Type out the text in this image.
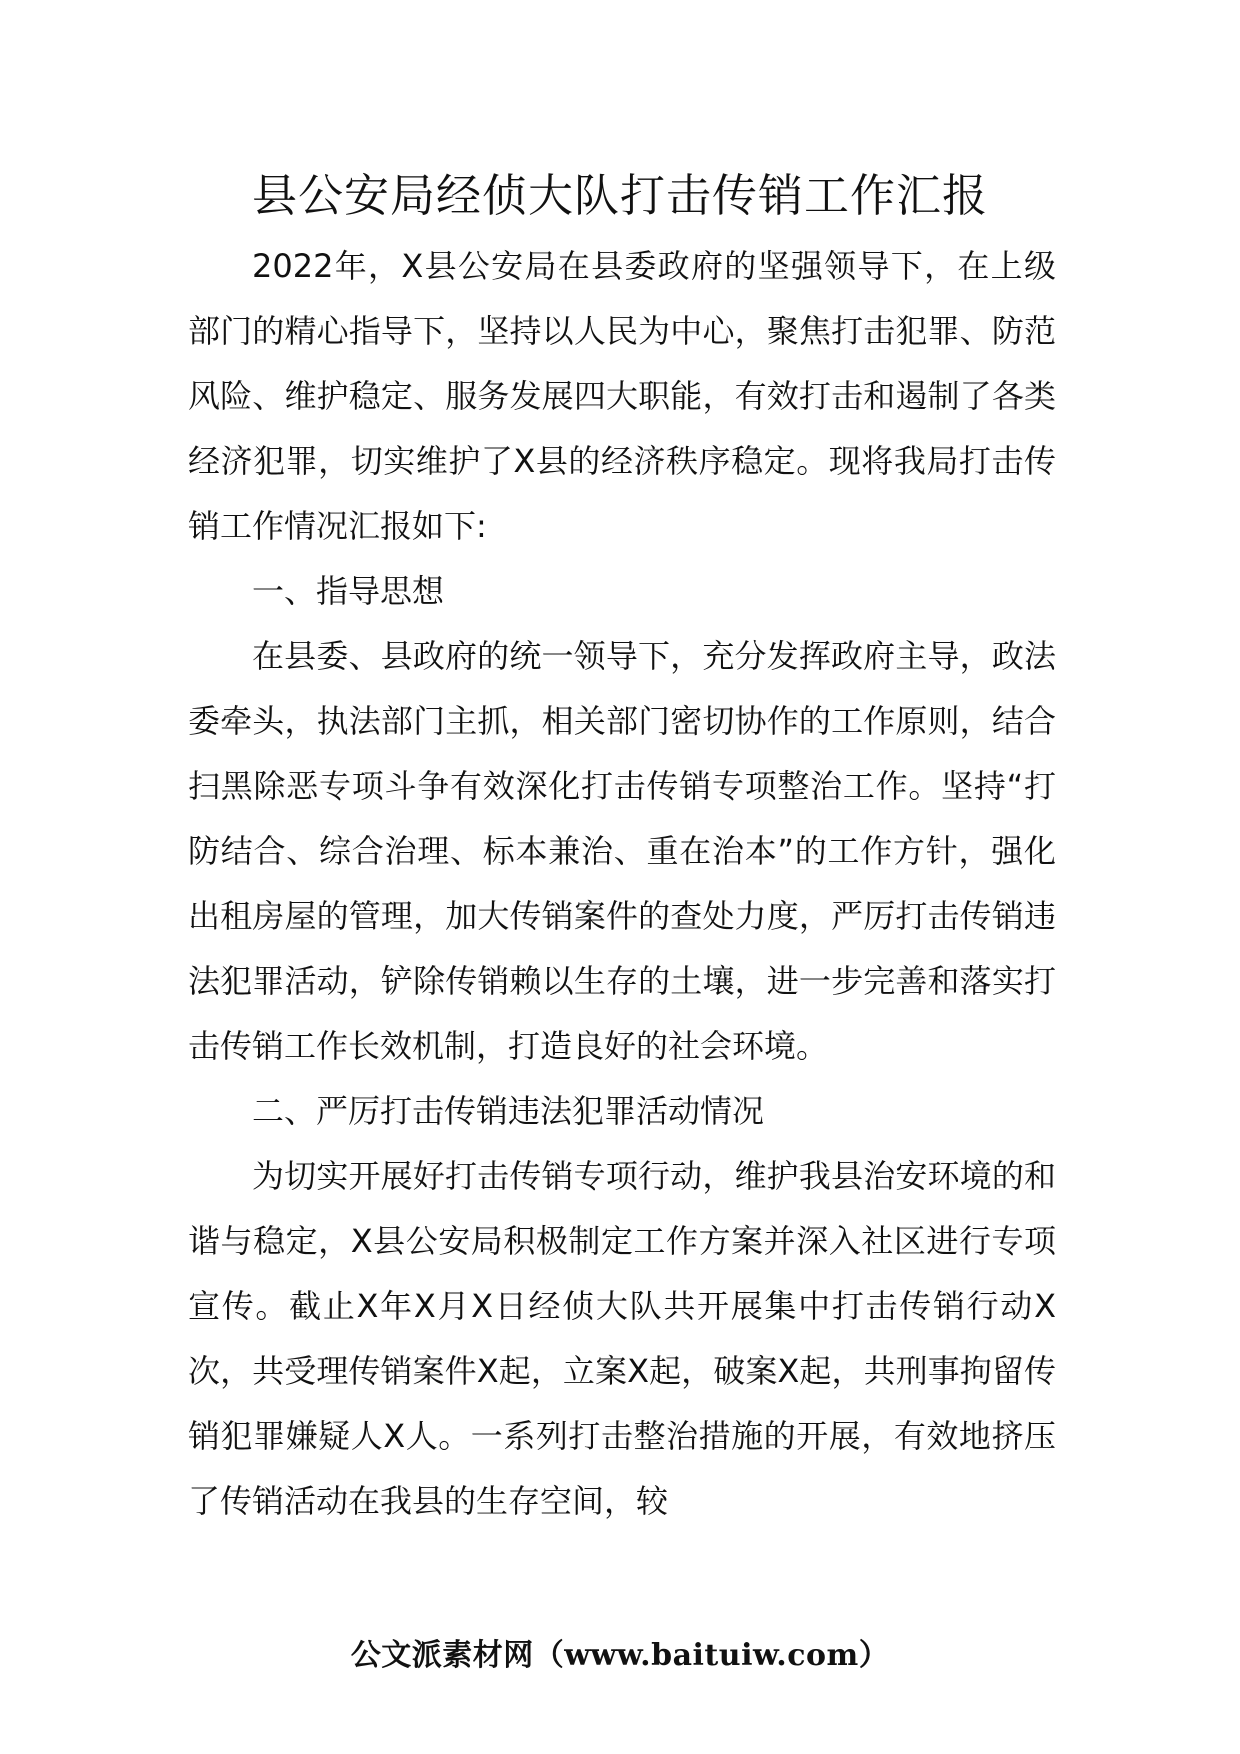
县公安局经侦大队打击传销工作汇报

2022年，X县公安局在县委政府的坚强领导下，在上级部门的精心指导下，坚持以人民为中心，聚焦打击犯罪、防范风险、维护稳定、服务发展四大职能，有效打击和遏制了各类经济犯罪，切实维护了X县的经济秩序稳定。现将我局打击传销工作情况汇报如下:

一、指导思想

在县委、县政府的统一领导下，充分发挥政府主导，政法委牵头，执法部门主抓，相关部门密切协作的工作原则，结合扫黑除恶专项斗争有效深化打击传销专项整治工作。坚持“打防结合、综合治理、标本兼治、重在治本”的工作方针，强化出租房屋的管理，加大传销案件的查处力度，严厉打击传销违法犯罪活动，铲除传销赖以生存的土壤，进一步完善和落实打击传销工作长效机制，打造良好的社会环境。

二、严厉打击传销违法犯罪活动情况

为切实开展好打击传销专项行动，维护我县治安环境的和谐与稳定，X县公安局积极制定工作方案并深入社区进行专项宣传。截止X年X月X日经侦大队共开展集中打击传销行动X次，共受理传销案件X起，立案X起，破案X起，共刑事拘留传销犯罪嫌疑人X人。一系列打击整治措施的开展，有效地挤压了传销活动在我县的生存空间，较

公文派素材网（www.baituiw.com）
